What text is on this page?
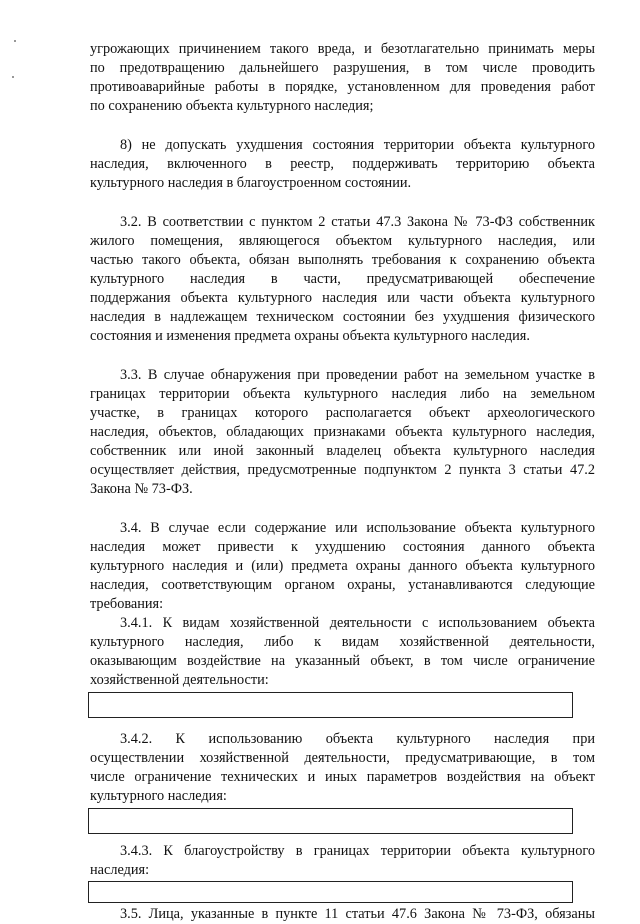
угрожающих причинением такого вреда, и безотлагательно принимать меры
по предотвращению дальнейшего разрушения, в том числе проводить
противоаварийные работы в порядке, установленном для проведения работ
по сохранению объекта культурного наследия;
8) не допускать ухудшения состояния территории объекта культурного
наследия, включенного в реестр, поддерживать территорию объекта
культурного наследия в благоустроенном состоянии.
3.2. В соответствии с пунктом 2 статьи 47.3 Закона № 73-ФЗ собственник
жилого помещения, являющегося объектом культурного наследия, или
частью такого объекта, обязан выполнять требования к сохранению объекта
культурного наследия в части, предусматривающей обеспечение
поддержания объекта культурного наследия или части объекта культурного
наследия в надлежащем техническом состоянии без ухудшения физического
состояния и изменения предмета охраны объекта культурного наследия.
3.3. В случае обнаружения при проведении работ на земельном участке в
границах территории объекта культурного наследия либо на земельном
участке, в границах которого располагается объект археологического
наследия, объектов, обладающих признаками объекта культурного наследия,
собственник или иной законный владелец объекта культурного наследия
осуществляет действия, предусмотренные подпунктом 2 пункта 3 статьи 47.2
Закона № 73-ФЗ.
3.4. В случае если содержание или использование объекта культурного
наследия может привести к ухудшению состояния данного объекта
культурного наследия и (или) предмета охраны данного объекта культурного
наследия, соответствующим органом охраны, устанавливаются следующие
требования:
3.4.1. К видам хозяйственной деятельности с использованием объекта
культурного наследия, либо к видам хозяйственной деятельности,
оказывающим воздействие на указанный объект, в том числе ограничение
хозяйственной деятельности:
3.4.2. К использованию объекта культурного наследия при
осуществлении хозяйственной деятельности, предусматривающие, в том
числе ограничение технических и иных параметров воздействия на объект
культурного наследия:
3.4.3. К благоустройству в границах территории объекта культурного
наследия:
3.5. Лица, указанные в пункте 11 статьи 47.6 Закона № 73-ФЗ, обязаны
